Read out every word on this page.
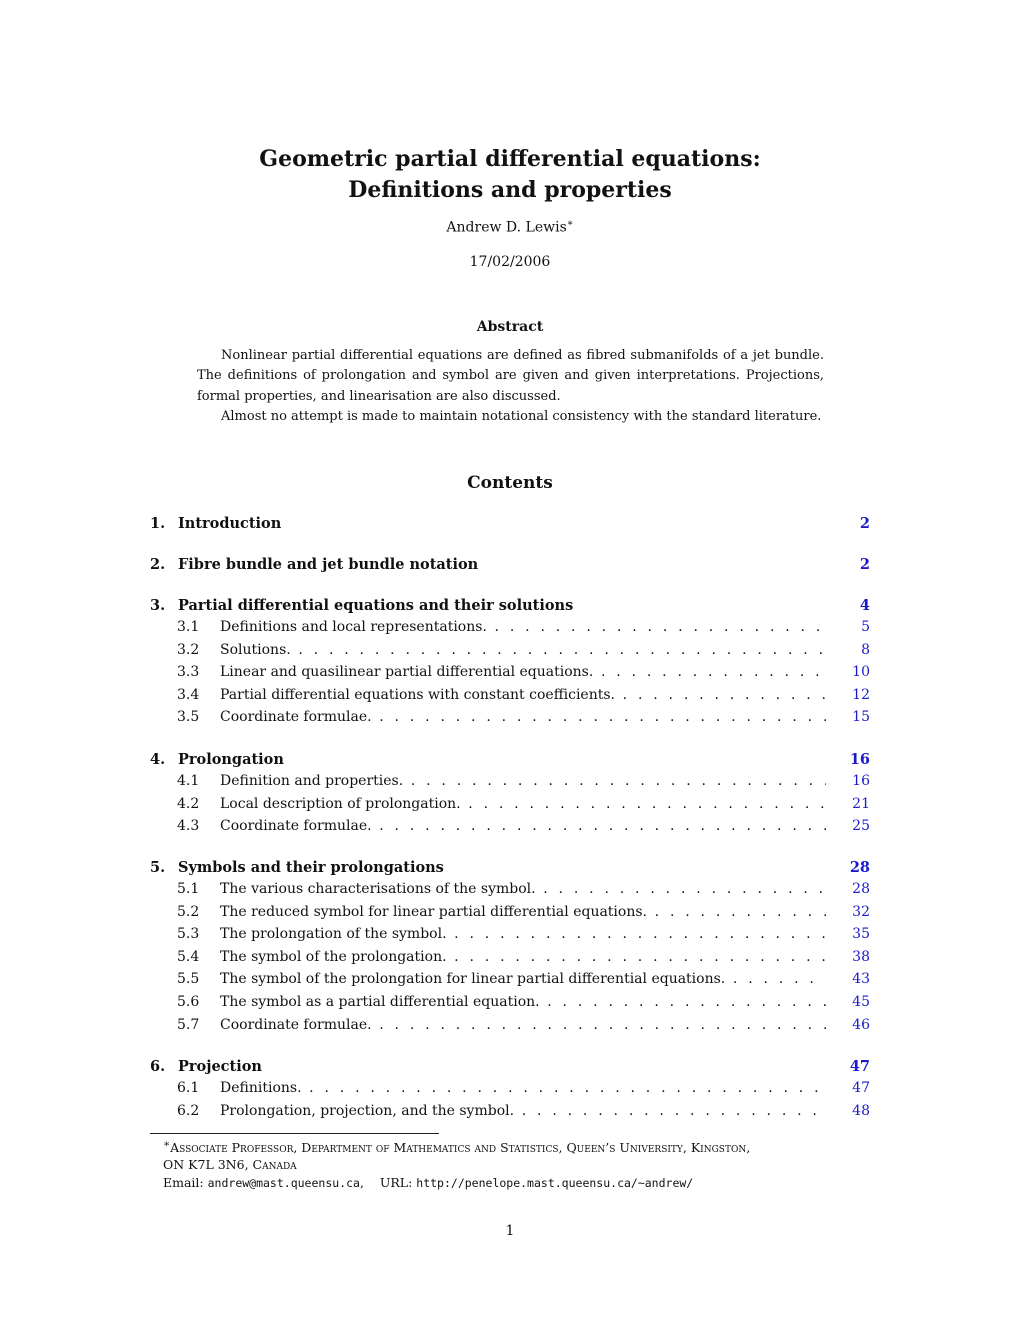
Geometric partial differential equations:
Definitions and properties
Andrew D. Lewis∗
17/02/2006
Abstract

Nonlinear partial differential equations are defined as fibred submanifolds of a jet bundle. The definitions of prolongation and symbol are given and given interpretations. Projections, formal properties, and linearisation are also discussed.

Almost no attempt is made to maintain notational consistency with the standard literature.

Contents
1. Introduction	2
2. Fibre bundle and jet bundle notation	2
3. Partial differential equations and their solutions	4
3.1 Definitions and local representations. . . .	5
3.2 Solutions. . . .	8
3.3 Linear and quasilinear partial differential equations. . . .	10
3.4 Partial differential equations with constant coefficients. . . .	12
3.5 Coordinate formulae. . . .	15
4. Prolongation	16
4.1 Definition and properties. . . .	16
4.2 Local description of prolongation. . . .	21
4.3 Coordinate formulae. . . .	25
5. Symbols and their prolongations	28
5.1 The various characterisations of the symbol. . . .	28
5.2 The reduced symbol for linear partial differential equations. . . .	32
5.3 The prolongation of the symbol. . . .	35
5.4 The symbol of the prolongation. . . .	38
5.5 The symbol of the prolongation for linear partial differential equations. . . .	43
5.6 The symbol as a partial differential equation. . . .	45
5.7 Coordinate formulae. . . .	46
6. Projection	47
6.1 Definitions. . . .	47
6.2 Prolongation, projection, and the symbol. . . .	48
∗Associate Professor, Department of Mathematics and Statistics, Queen’s University, Kingston,
ON K7L 3N6, Canada
Email: andrew@mast.queensu.ca,    URL: http://penelope.mast.queensu.ca/~andrew/
1
